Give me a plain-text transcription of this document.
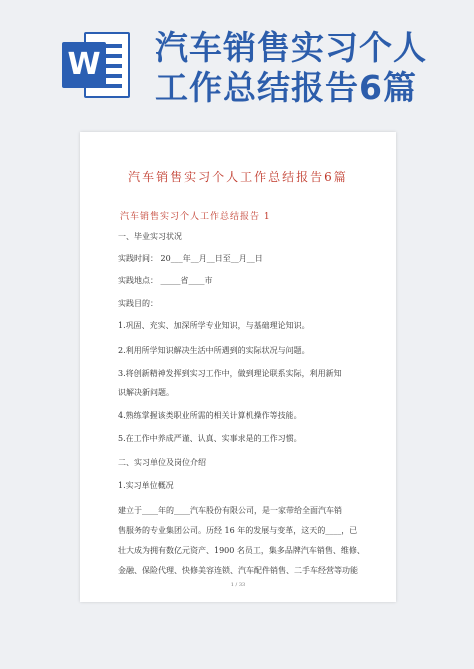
W 汽车销售实习个人工作总结报告6篇
汽车销售实习个人工作总结报告6篇
汽车销售实习个人工作总结报告 1
一、毕业实习状况
实践时间： 20___年__月__日至__月__日
实践地点： _____省____市
实践目的：
1.巩固、充实、加深所学专业知识，与基础理论知识。
2.利用所学知识解决生活中所遇到的实际状况与问题。
3.将创新精神发挥到实习工作中，做到理论联系实际，利用新知
识解决新问题。
4.熟练掌握该类职业所需的相关计算机操作等技能。
5.在工作中养成严谨、认真、实事求是的工作习惯。
二、实习单位及岗位介绍
1.实习单位概况
建立于____年的____汽车股份有限公司，是一家带给全面汽车销
售服务的专业集团公司。历经 16 年的发展与变革，这天的____，已
壮大成为拥有数亿元资产、1900 名员工，集多品牌汽车销售、维修、
金融、保险代理、快修美容连锁、汽车配件销售、二手车经营等功能
1 / 33
